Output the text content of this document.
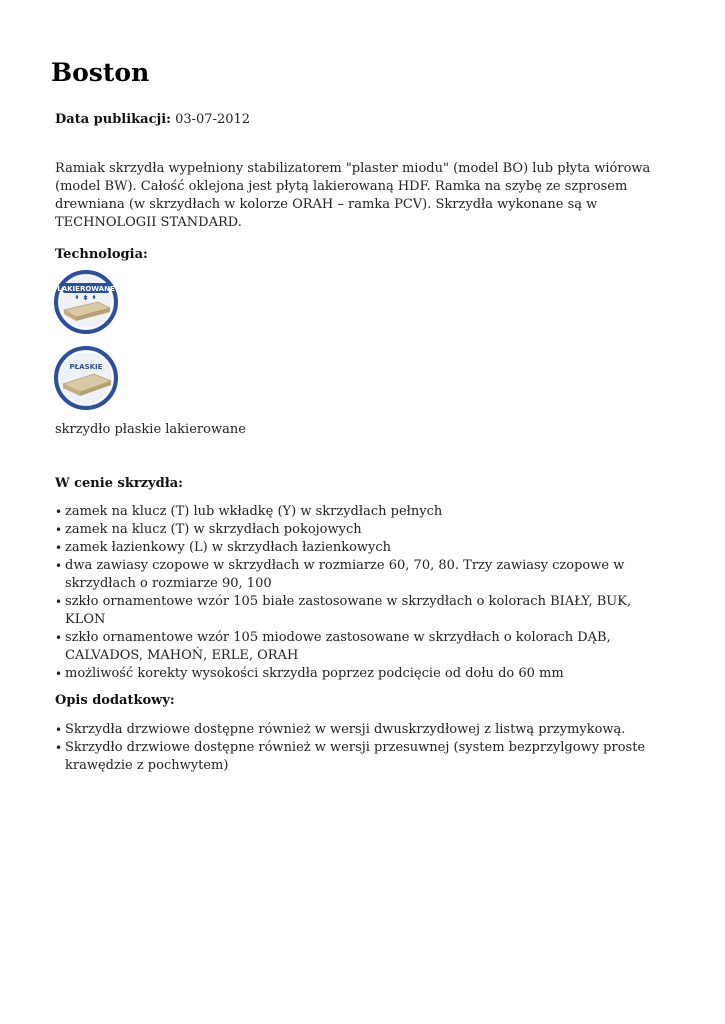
Boston
Data publikacji: 03-07-2012

Ramiak skrzydła wypełniony stabilizatorem "plaster miodu" (model BO) lub płyta wiórowa (model BW). Całość oklejona jest płytą lakierowaną HDF. Ramka na szybę ze szprosem drewniana (w skrzydłach w kolorze ORAH – ramka PCV). Skrzydła wykonane są w TECHNOLOGII STANDARD.

Technologia:
LAKIEROWANE
PŁASKIE
skrzydło płaskie lakierowane
W cenie skrzydła:
• zamek na klucz (T) lub wkładkę (Y) w skrzydłach pełnych
• zamek na klucz (T) w skrzydłach pokojowych
• zamek łazienkowy (L) w skrzydłach łazienkowych
• dwa zawiasy czopowe w skrzydłach w rozmiarze 60, 70, 80. Trzy zawiasy czopowe w skrzydłach o rozmiarze 90, 100
• szkło ornamentowe wzór 105 białe zastosowane w skrzydłach o kolorach BIAŁY, BUK, KLON
• szkło ornamentowe wzór 105 miodowe zastosowane w skrzydłach o kolorach DĄB, CALVADOS, MAHOŃ, ERLE, ORAH
• możliwość korekty wysokości skrzydła poprzez podcięcie od dołu do 60 mm
Opis dodatkowy:
• Skrzydła drzwiowe dostępne również w wersji dwuskrzydłowej z listwą przymykową.
• Skrzydło drzwiowe dostępne również w wersji przesuwnej (system bezprzylgowy proste krawędzie z pochwytem)
